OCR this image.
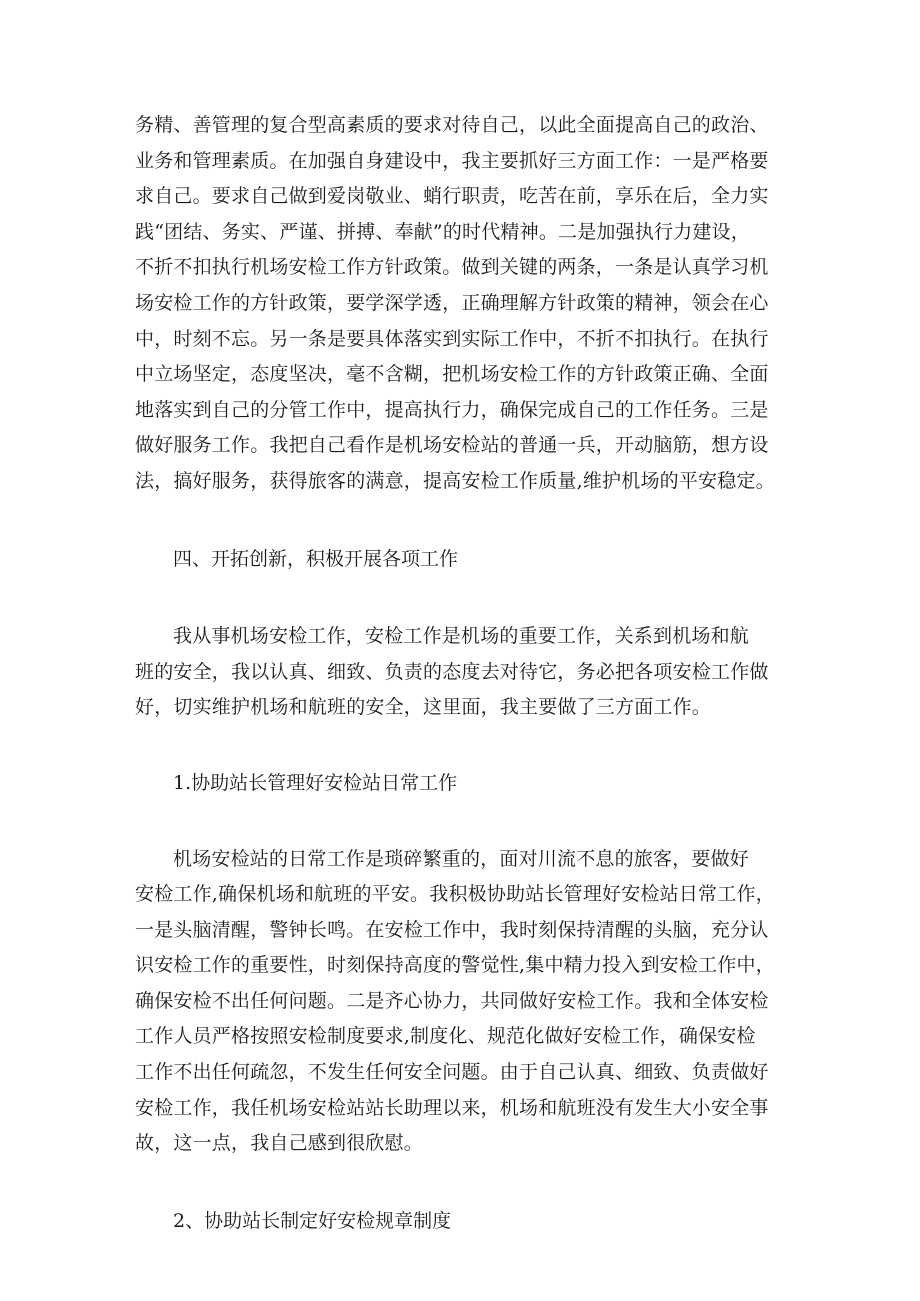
务精、善管理的复合型高素质的要求对待自己，以此全面提高自己的政治、

业务和管理素质。在加强自身建设中，我主要抓好三方面工作：一是严格要

求自己。要求自己做到爱岗敬业、蛸行职责，吃苦在前，享乐在后，全力实

践“团结、务实、严谨、拼搏、奉献”的时代精神。二是加强执行力建设，

不折不扣执行机场安检工作方针政策。做到关键的两条，一条是认真学习机

场安检工作的方针政策，要学深学透，正确理解方针政策的精神，领会在心

中，时刻不忘。另一条是要具体落实到实际工作中，不折不扣执行。在执行

中立场坚定，态度坚决，毫不含糊，把机场安检工作的方针政策正确、全面

地落实到自己的分管工作中，提高执行力，确保完成自己的工作任务。三是

做好服务工作。我把自己看作是机场安检站的普通一兵，开动脑筋，想方设

法，搞好服务，获得旅客的满意，提高安检工作质量,维护机场的平安稳定。

四、开拓创新，积极开展各项工作

我从事机场安检工作，安检工作是机场的重要工作，关系到机场和航

班的安全，我以认真、细致、负责的态度去对待它，务必把各项安检工作做

好，切实维护机场和航班的安全，这里面，我主要做了三方面工作。

1.协助站长管理好安检站日常工作

机场安检站的日常工作是琐碎繁重的，面对川流不息的旅客，要做好

安检工作,确保机场和航班的平安。我积极协助站长管理好安检站日常工作，

一是头脑清醒，警钟长鸣。在安检工作中，我时刻保持清醒的头脑，充分认

识安检工作的重要性，时刻保持高度的警觉性,集中精力投入到安检工作中，

确保安检不出任何问题。二是齐心协力，共同做好安检工作。我和全体安检

工作人员严格按照安检制度要求,制度化、规范化做好安检工作，确保安检

工作不出任何疏忽，不发生任何安全问题。由于自己认真、细致、负责做好

安检工作，我任机场安检站站长助理以来，机场和航班没有发生大小安全事

故，这一点，我自己感到很欣慰。

2、协助站长制定好安检规章制度
